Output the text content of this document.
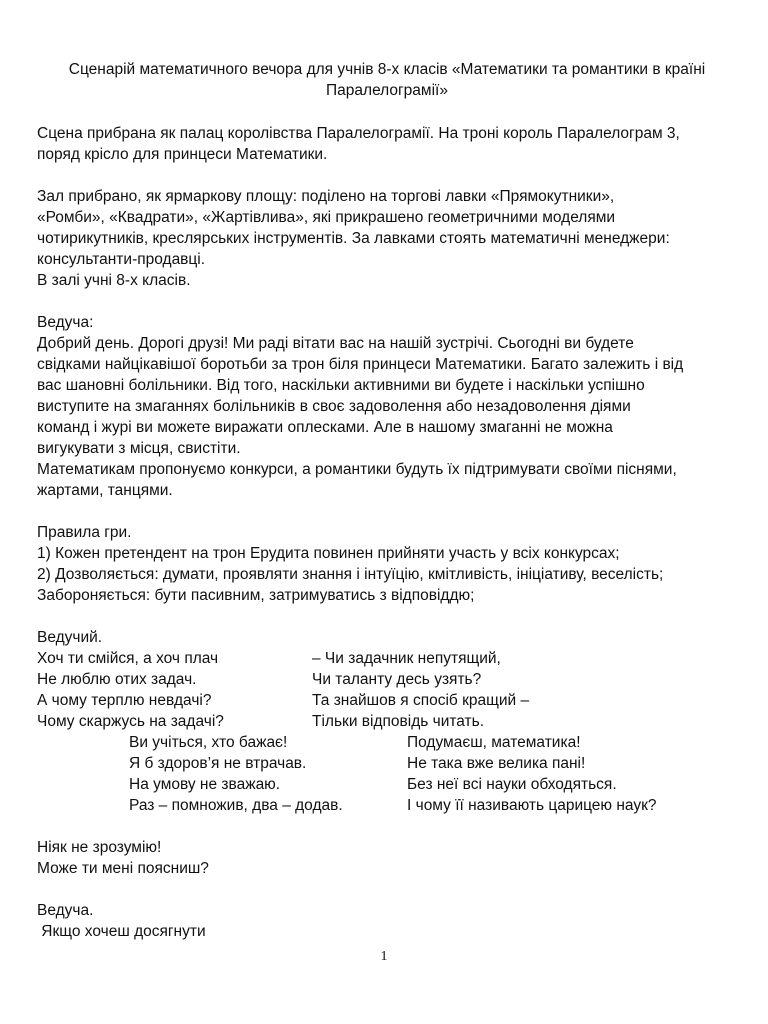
Сценарій математичного вечора для учнів 8-х класів «Математики та романтики в країні
Паралелограмії»
Сцена прибрана як палац королівства Паралелограмії. На троні король Паралелограм 3,
поряд крісло для принцеси Математики.
Зал прибрано, як ярмаркову площу: поділено на торгові лавки «Прямокутники»,
«Ромби», «Квадрати», «Жартівлива», які прикрашено геометричними моделями
чотирикутників, креслярських інструментів. За лавками стоять математичні менеджери:
консультанти-продавці.
В залі учні 8-х класів.
Ведуча:
Добрий день. Дорогі друзі! Ми раді вітати вас на нашій зустрічі. Сьогодні ви будете
свідками найцікавішої боротьби за трон біля принцеси Математики. Багато залежить і від
вас шановні болільники. Від того, наскільки активними ви будете і наскільки успішно
виступите на змаганнях болільників в своє задоволення або незадоволення діями
команд і журі ви можете виражати оплесками. Але в нашому змаганні не можна
вигукувати з місця, свистіти.
Математикам пропонуємо конкурси, а романтики будуть їх підтримувати своїми піснями,
жартами, танцями.
Правила гри.
1) Кожен претендент на трон Ерудита повинен прийняти участь у всіх конкурсах;
2) Дозволяється: думати, проявляти знання і інтуїцію, кмітливість, ініціативу, веселість;
Забороняється: бути пасивним, затримуватись з відповіддю;
Ведучий.
Хоч ти смійся, а хоч плач	– Чи задачник непутящий,
Не люблю отих задач.	Чи таланту десь узять?
А чому терплю невдачі?	Та знайшов я спосіб кращий –
Чому скаржусь на задачі?	Тільки відповідь читать.
Ви учіться, хто бажає!	Подумаєш, математика!
Я б здоров’я не втрачав.	Не така вже велика пані!
На умову не зважаю.	Без неї всі науки обходяться.
Раз – помножив, два – додав.	І чому її називають царицею наук?
Ніяк не зрозумію!
Може ти мені поясниш?
Ведуча.
Якщо хочеш досягнути
1
